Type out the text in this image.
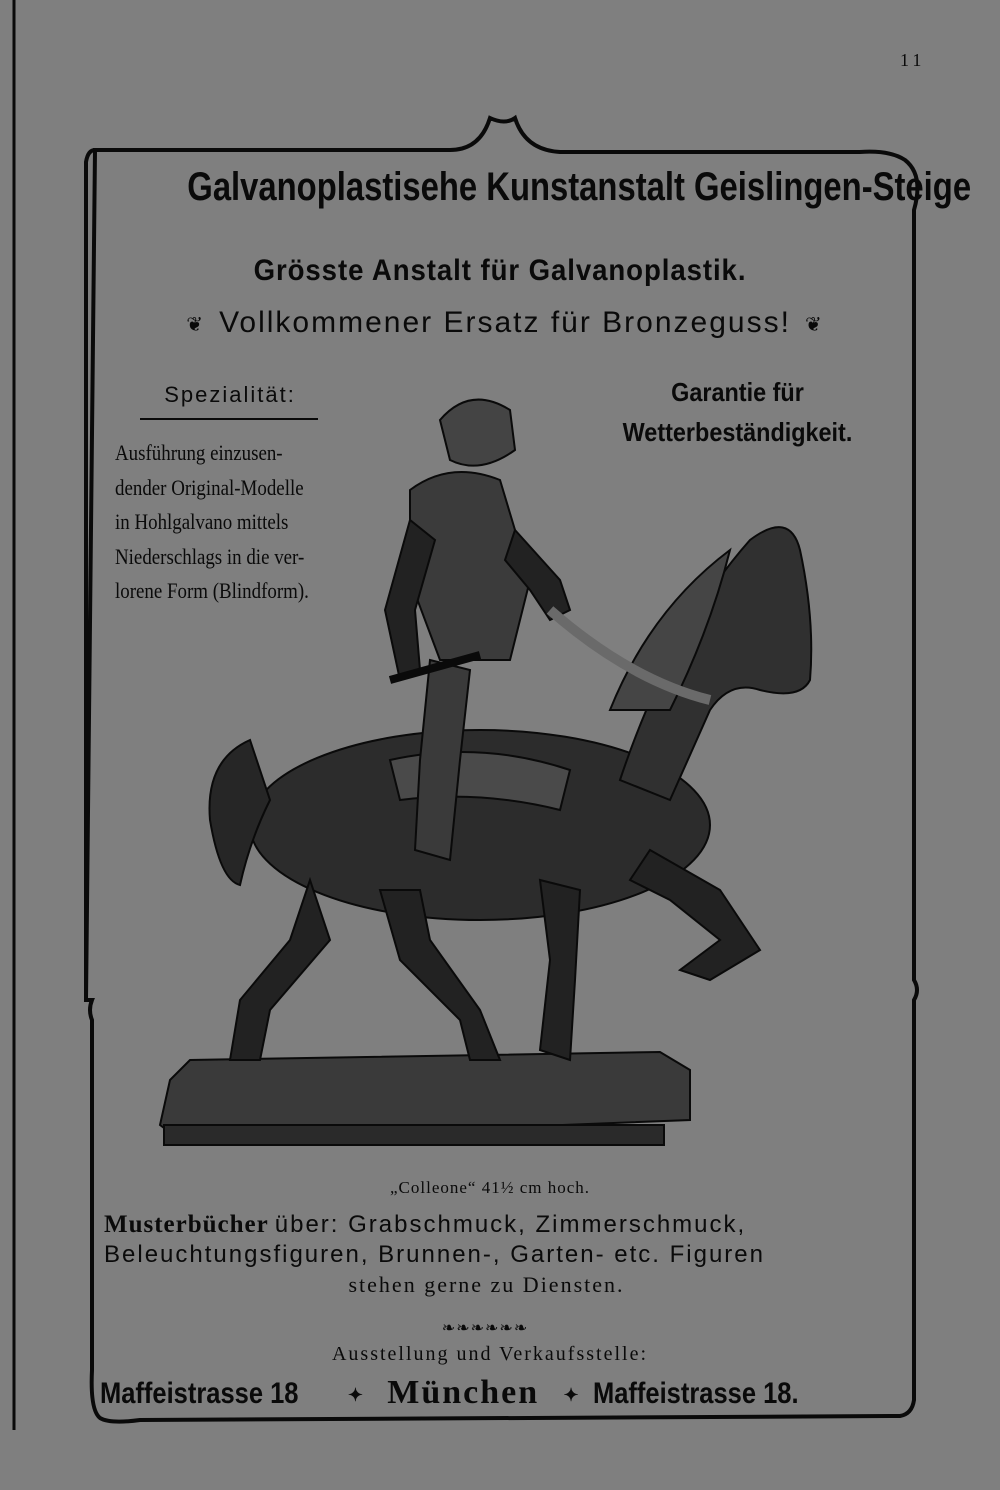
11
Galvanoplastisehe Kunstanstalt Geislingen-Steige
Grösste Anstalt für Galvanoplastik.
❦ Vollkommener Ersatz für Bronzeguss! ❦
Spezialität:
Ausführung einzusen-
dender Original-Modelle
in Hohlgalvano mittels
Niederschlags in die ver-
lorene Form (Blindform).
Garantie für
Wetterbeständigkeit.
„Colleone“ 41½ cm hoch.
Musterbücher über: Grabschmuck, Zimmerschmuck,
Beleuchtungsfiguren, Brunnen-, Garten- etc. Figuren
stehen gerne zu Diensten.
❧❧❧❧❧❧
Ausstellung und Verkaufsstelle:
Maffeistrasse 18	✦ München ✦ Maffeistrasse 18.
